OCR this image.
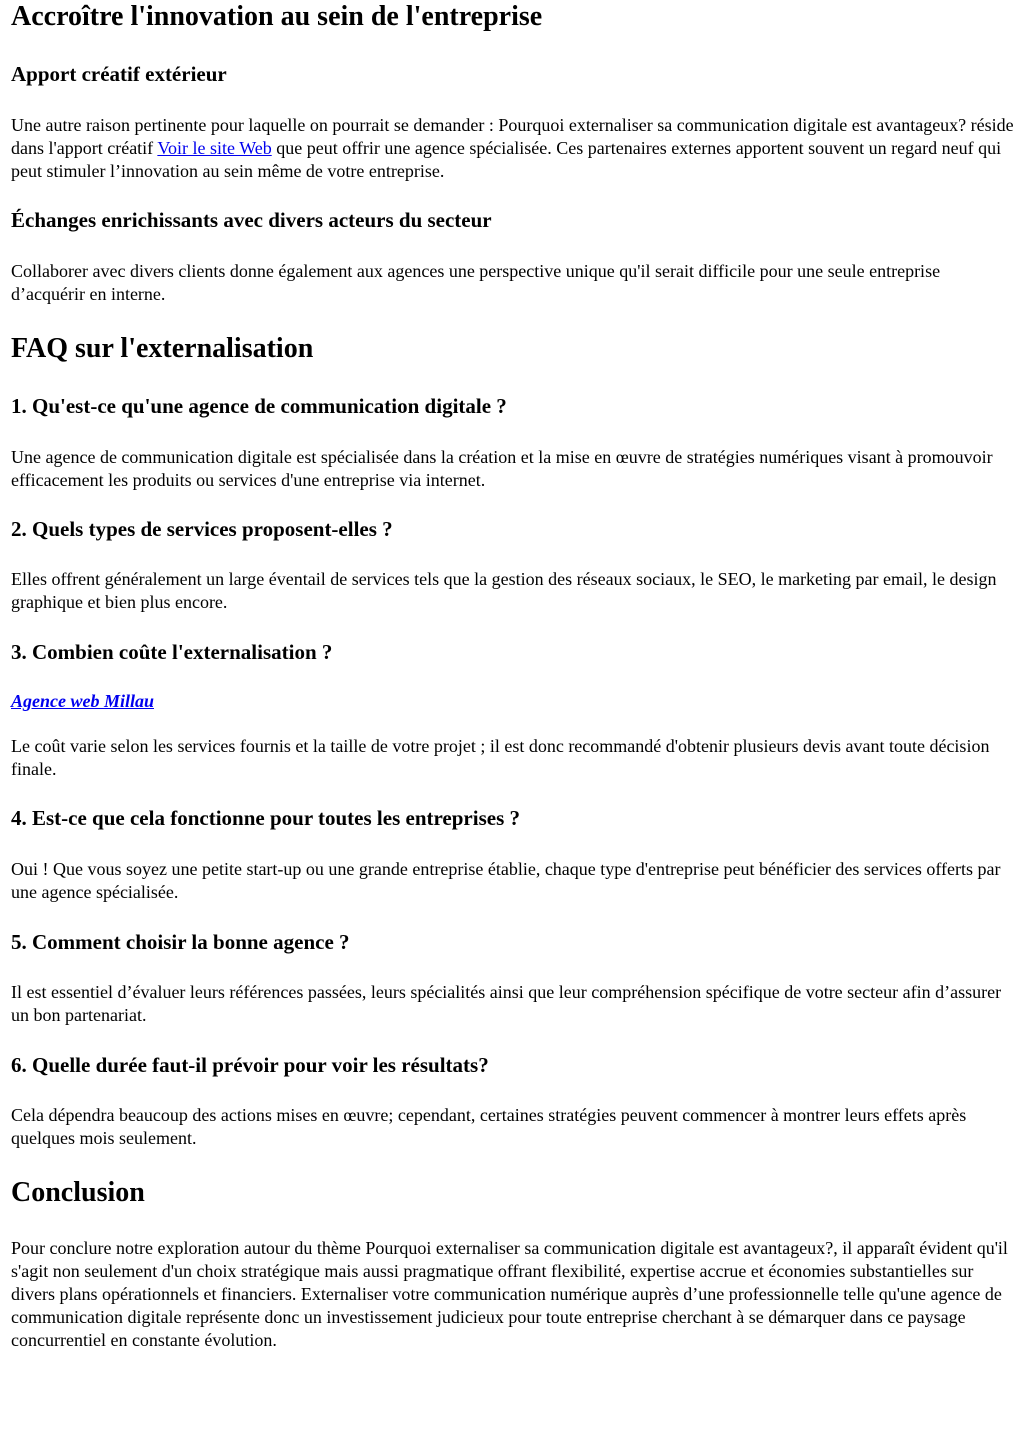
Accroître l'innovation au sein de l'entreprise
Apport créatif extérieur

Une autre raison pertinente pour laquelle on pourrait se demander : Pourquoi externaliser sa communication digitale est avantageux? réside dans l'apport créatif Voir le site Web que peut offrir une agence spécialisée. Ces partenaires externes apportent souvent un regard neuf qui peut stimuler l’innovation au sein même de votre entreprise.

Échanges enrichissants avec divers acteurs du secteur

Collaborer avec divers clients donne également aux agences une perspective unique qu'il serait difficile pour une seule entreprise d’acquérir en interne.

FAQ sur l'externalisation
1. Qu'est-ce qu'une agence de communication digitale ?

Une agence de communication digitale est spécialisée dans la création et la mise en œuvre de stratégies numériques visant à promouvoir efficacement les produits ou services d'une entreprise via internet.

2. Quels types de services proposent-elles ?

Elles offrent généralement un large éventail de services tels que la gestion des réseaux sociaux, le SEO, le marketing par email, le design graphique et bien plus encore.

3. Combien coûte l'externalisation ?

Agence web Millau

Le coût varie selon les services fournis et la taille de votre projet ; il est donc recommandé d'obtenir plusieurs devis avant toute décision finale.

4. Est-ce que cela fonctionne pour toutes les entreprises ?

Oui ! Que vous soyez une petite start-up ou une grande entreprise établie, chaque type d'entreprise peut bénéficier des services offerts par une agence spécialisée.

5. Comment choisir la bonne agence ?

Il est essentiel d’évaluer leurs références passées, leurs spécialités ainsi que leur compréhension spécifique de votre secteur afin d’assurer un bon partenariat.

6. Quelle durée faut-il prévoir pour voir les résultats?

Cela dépendra beaucoup des actions mises en œuvre; cependant, certaines stratégies peuvent commencer à montrer leurs effets après quelques mois seulement.

Conclusion

Pour conclure notre exploration autour du thème Pourquoi externaliser sa communication digitale est avantageux?, il apparaît évident qu'il s'agit non seulement d'un choix stratégique mais aussi pragmatique offrant flexibilité, expertise accrue et économies substantielles sur divers plans opérationnels et financiers. Externaliser votre communication numérique auprès d’une professionnelle telle qu'une agence de communication digitale représente donc un investissement judicieux pour toute entreprise cherchant à se démarquer dans ce paysage concurrentiel en constante évolution.
